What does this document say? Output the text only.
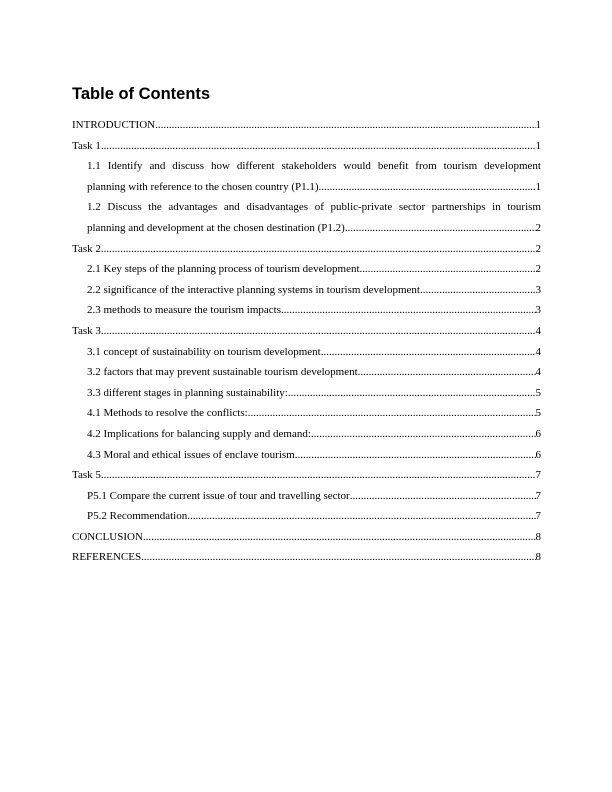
Table of Contents
INTRODUCTION .....	1
Task 1 .....	1
1.1 Identify and discuss how different stakeholders would benefit from tourism development
planning with reference to the chosen country (P1.1) .....	1
1.2 Discuss the advantages and disadvantages of public-private sector partnerships in tourism
planning and development at the chosen destination (P1.2) .....	2
Task 2 .....	2
2.1 Key steps of the planning process of tourism development .....	2
2.2 significance of the interactive planning systems in tourism development .....	3
2.3 methods to measure the tourism impacts .....	3
Task 3 .....	4
3.1 concept of sustainability on tourism development .....	4
3.2 factors that may prevent sustainable tourism development .....	4
3.3 different stages in planning sustainability: .....	5
4.1 Methods to resolve the conflicts: .....	5
4.2 Implications for balancing supply and demand: .....	6
4.3 Moral and ethical issues of enclave tourism .....	6
Task 5 .....	7
P5.1 Compare the current issue of tour and travelling sector .....	7
P5.2 Recommendation .....	7
CONCLUSION .....	8
REFERENCES .....	8
